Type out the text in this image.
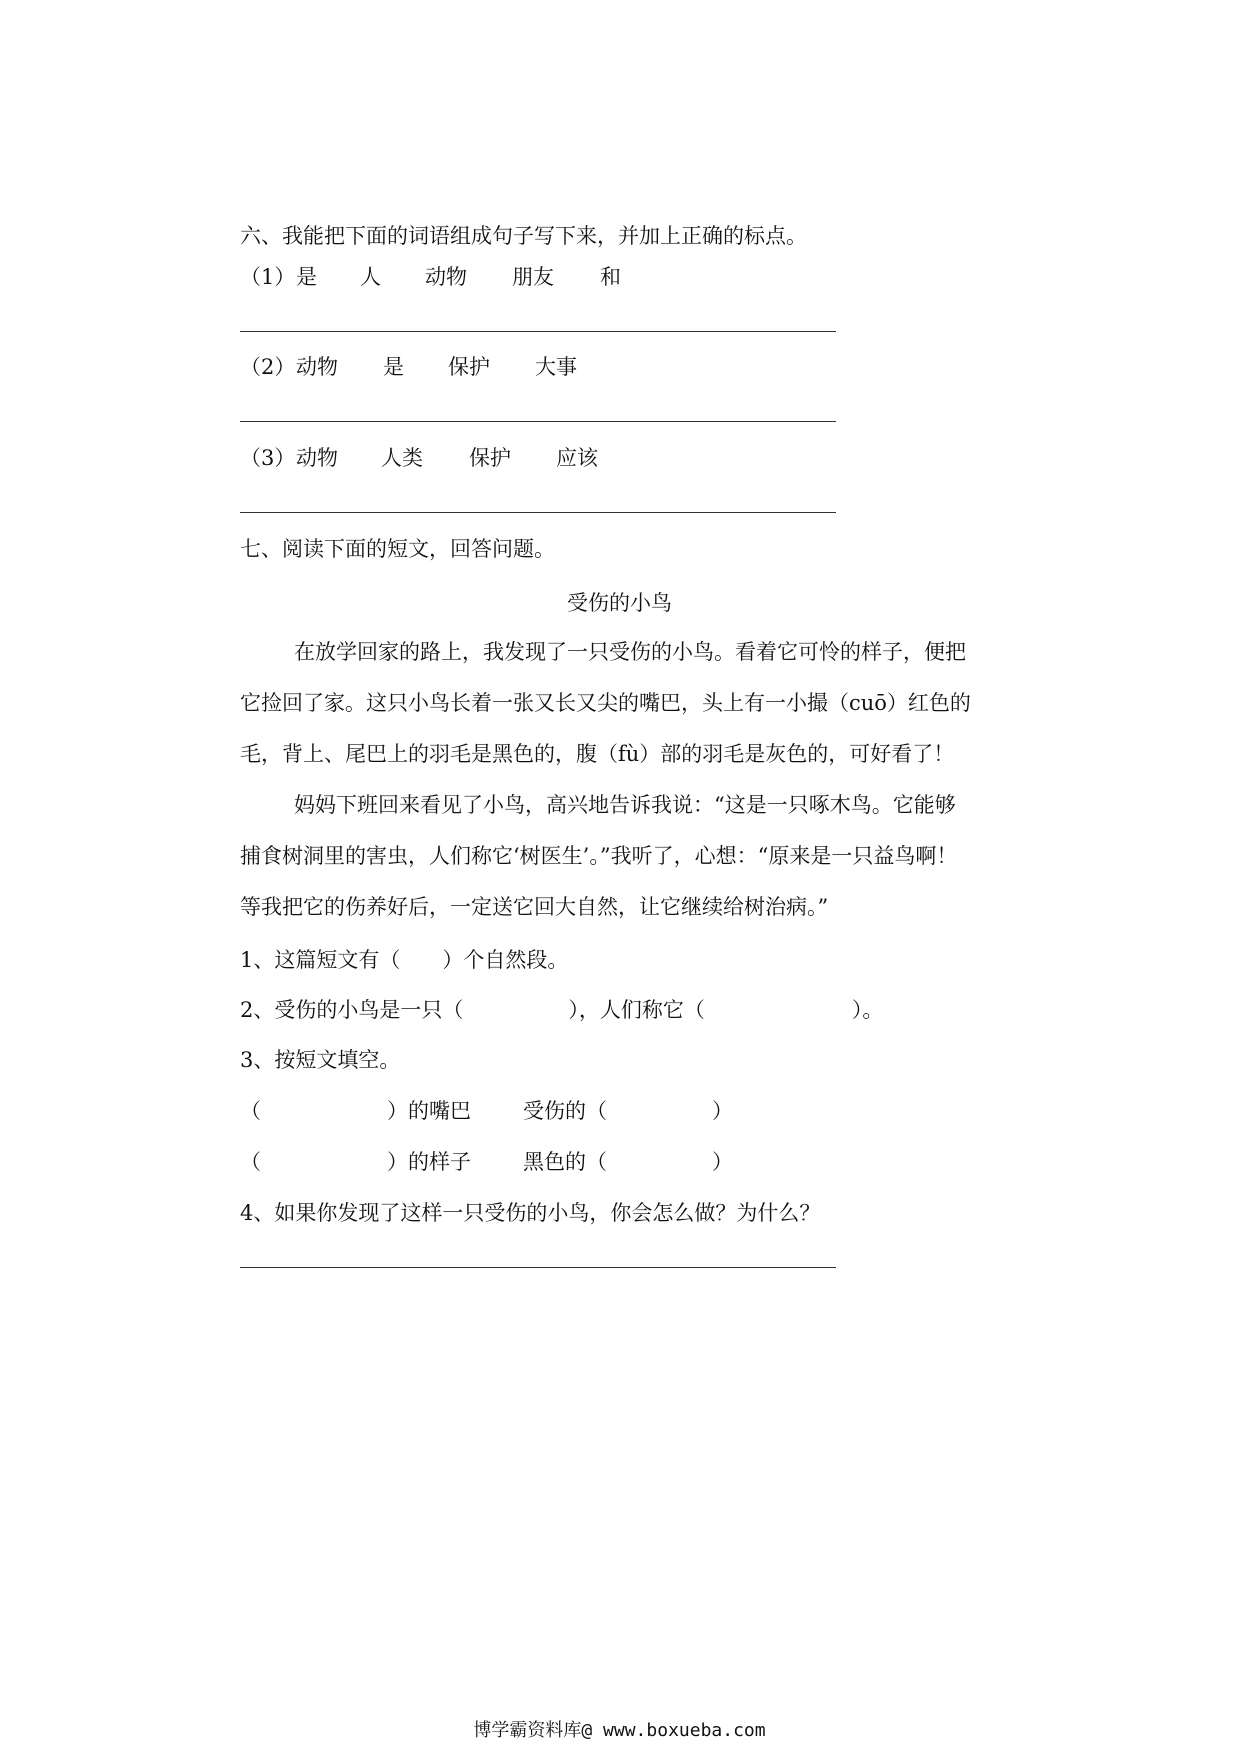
六、我能把下面的词语组成句子写下来，并加上正确的标点。
（1） 是 人 动物 朋友 和
（2） 动物 是 保护 大事
（3） 动物 人类 保护 应该
七、阅读下面的短文，回答问题。
受伤的小鸟
在放学回家的路上，我发现了一只受伤的小鸟。看着它可怜的样子，便把
它捡回了家。这只小鸟长着一张又长又尖的嘴巴，头上有一小撮（cuō）红色的
毛，背上、尾巴上的羽毛是黑色的，腹（fù）部的羽毛是灰色的，可好看了！
妈妈下班回来看见了小鸟，高兴地告诉我说：“这是一只啄木鸟。它能够
捕食树洞里的害虫，人们称它‘树医生’。”我听了，心想：“原来是一只益鸟啊！
等我把它的伤养好后，一定送它回大自然，让它继续给树治病。”
1、这篇短文有（　　）个自然段。
2、受伤的小鸟是一只（　　　　　），人们称它（　　　　　　　）。
3、按短文填空。
（　　　　　　）的嘴巴 受伤的（　　　　　）
（　　　　　　）的样子 黑色的（　　　　　）
4、如果你发现了这样一只受伤的小鸟，你会怎么做？为什么？
博学霸资料库@ www.boxueba.com
